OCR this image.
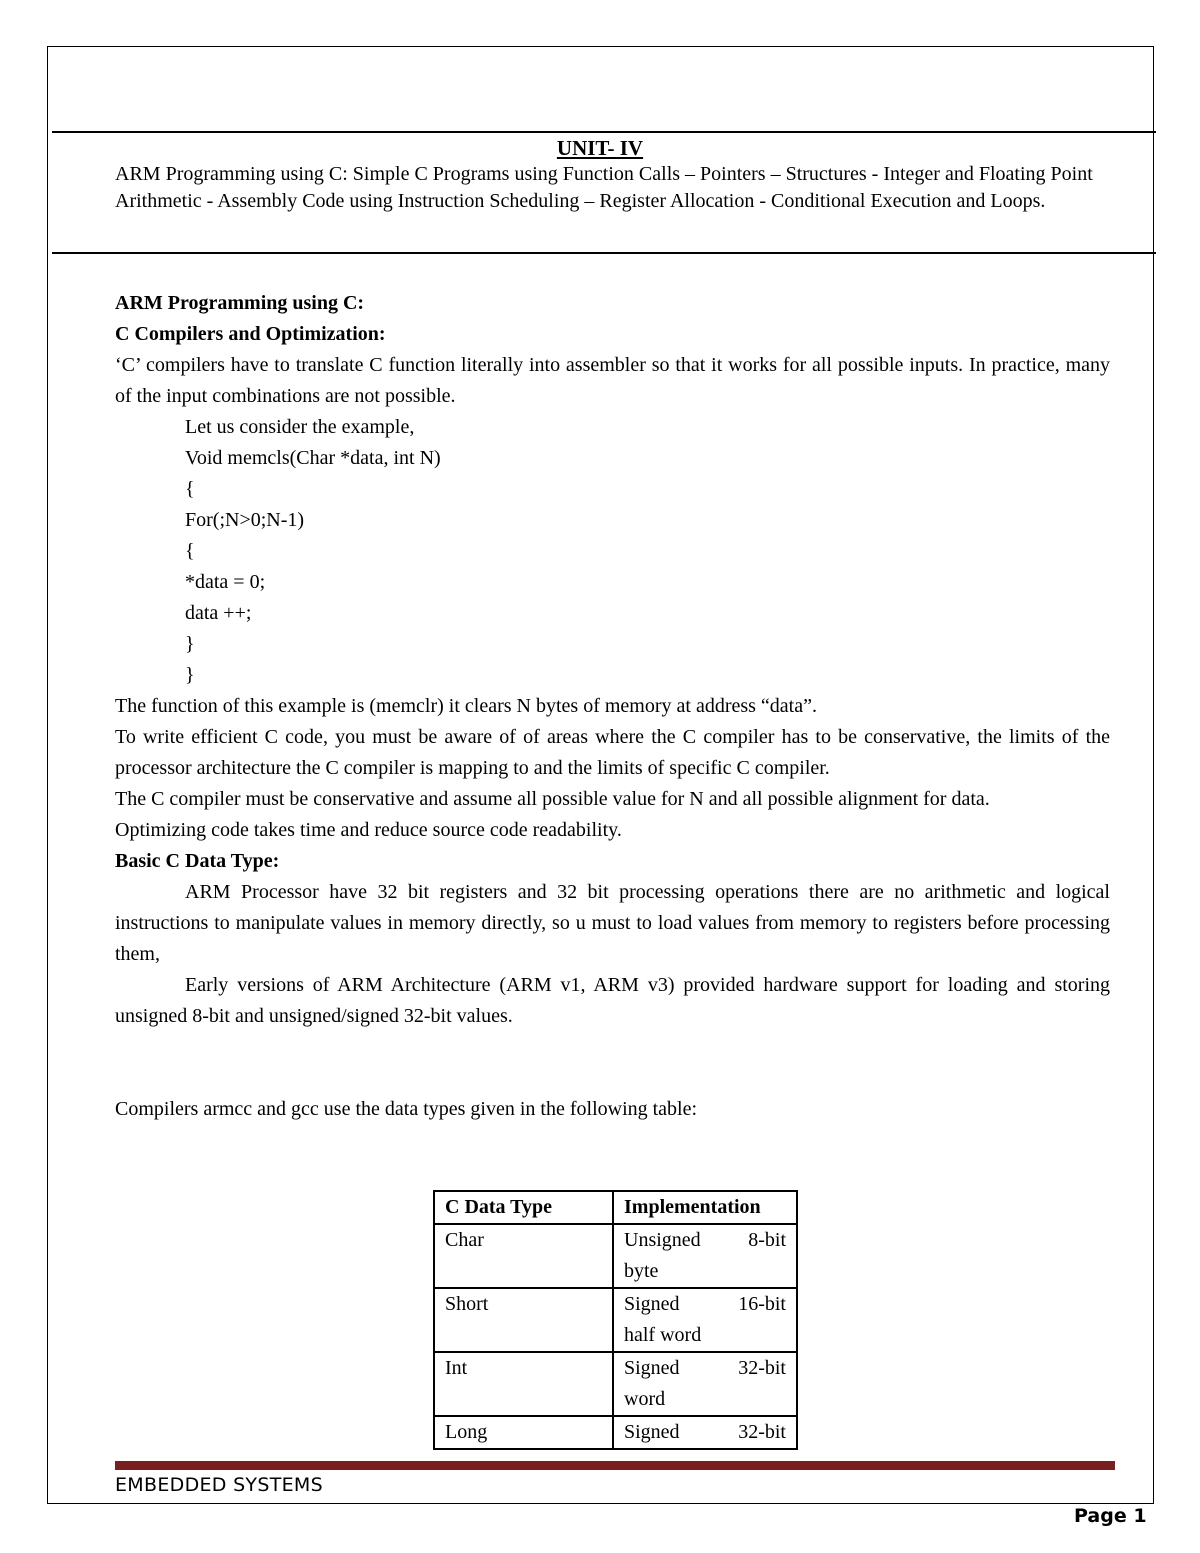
UNIT- IV
ARM Programming using C: Simple C Programs using Function Calls – Pointers – Structures - Integer and Floating Point Arithmetic - Assembly Code using Instruction Scheduling – Register Allocation - Conditional Execution and Loops.

ARM Programming using C:

C Compilers and Optimization:

‘C’ compilers have to translate C function literally into assembler so that it works for all possible inputs. In practice, many of the input combinations are not possible.

Let us consider the example,
Void memcls(Char *data, int N)
{
For(;N>0;N-1)
{
*data = 0;
data ++;
}
}

The function of this example is (memclr) it clears N bytes of memory at address “data”.

To write efficient C code, you must be aware of of areas where the C compiler has to be conservative, the limits of the processor architecture the C compiler is mapping to and the limits of specific C compiler.

The C compiler must be conservative and assume all possible value for N and all possible alignment for data.

Optimizing code takes time and reduce source code readability.

Basic C Data Type:

ARM Processor have 32 bit registers and 32 bit processing operations there are no arithmetic and logical instructions to manipulate values in memory directly, so u must to load values from memory to registers before processing them,

Early versions of ARM Architecture (ARM v1, ARM v3) provided hardware support for loading and storing unsigned 8-bit and unsigned/signed 32-bit values.

Compilers armcc and gcc use the data types given in the following table:

C Data Type	Implementation
Char	Unsigned 8-bit
byte

Short	Signed 16-bit
half word

Int	Signed 32-bit
word

Long	Signed 32-bit
EMBEDDED SYSTEMS
Page 1
